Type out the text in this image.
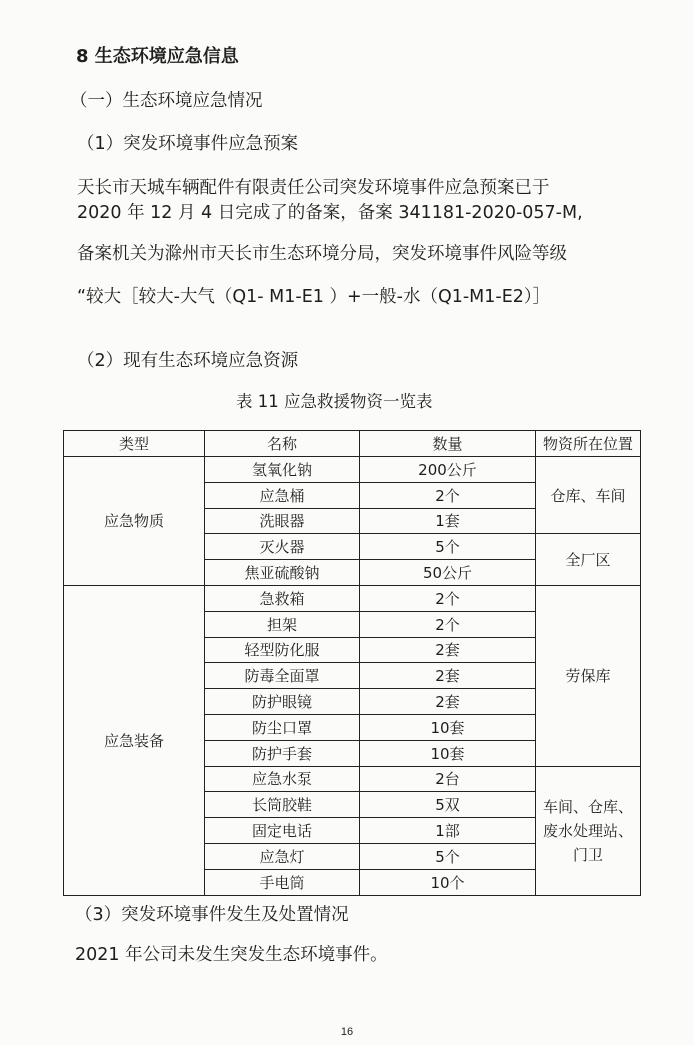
8 生态环境应急信息
（一）生态环境应急情况
（1）突发环境事件应急预案
天长市天城车辆配件有限责任公司突发环境事件应急预案已于
2020 年 12 月 4 日完成了的备案，备案 341181-2020-057-M,
备案机关为滁州市天长市生态环境分局，突发环境事件风险等级
“较大［较大-大气（Q1- M1-E1 ）+一般-水（Q1-M1-E2）］
（2）现有生态环境应急资源
表 11 应急救援物资一览表
类型	名称	数量	物资所在位置
应急物质	氢氧化钠	200公斤	仓库、车间
	应急桶	2个	
	洗眼器	1套	
	灭火器	5个	全厂区
	焦亚硫酸钠	50公斤	
应急装备	急救箱	2个	劳保库
	担架	2个	
	轻型防化服	2套	
	防毒全面罩	2套	
	防护眼镜	2套	
	防尘口罩	10套	
	防护手套	10套	
	应急水泵	2台	车间、仓库、废水处理站、门卫
	长筒胶鞋	5双	
	固定电话	1部	
	应急灯	5个	
	手电筒	10个	
（3）突发环境事件发生及处置情况
2021 年公司未发生突发生态环境事件。
16
